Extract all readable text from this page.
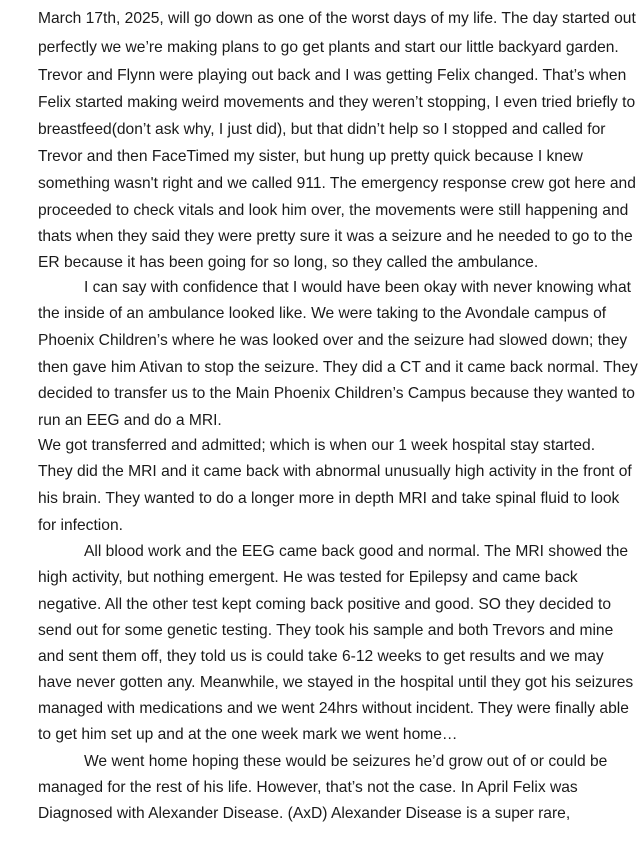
March 17th, 2025, will go down as one of the worst days of my life. The day started out
perfectly we we’re making plans to go get plants and start our little backyard garden.
Trevor and Flynn were playing out back and I was getting Felix changed. That’s when
Felix started making weird movements and they weren’t stopping, I even tried briefly to
breastfeed(don’t ask why, I just did), but that didn’t help so I stopped and called for
Trevor and then FaceTimed my sister, but hung up pretty quick because I knew
something wasn't right and we called 911. The emergency response crew got here and
proceeded to check vitals and look him over, the movements were still happening and
thats when they said they were pretty sure it was a seizure and he needed to go to the
ER because it has been going for so long, so they called the ambulance.
I can say with confidence that I would have been okay with never knowing what
the inside of an ambulance looked like. We were taking to the Avondale campus of
Phoenix Children’s where he was looked over and the seizure had slowed down; they
then gave him Ativan to stop the seizure. They did a CT and it came back normal. They
decided to transfer us to the Main Phoenix Children’s Campus because they wanted to
run an EEG and do a MRI.
We got transferred and admitted; which is when our 1 week hospital stay started.
They did the MRI and it came back with abnormal unusually high activity in the front of
his brain. They wanted to do a longer more in depth MRI and take spinal fluid to look
for infection.
All blood work and the EEG came back good and normal. The MRI showed the
high activity, but nothing emergent. He was tested for Epilepsy and came back
negative. All the other test kept coming back positive and good. SO they decided to
send out for some genetic testing. They took his sample and both Trevors and mine
and sent them off, they told us is could take 6-12 weeks to get results and we may
have never gotten any. Meanwhile, we stayed in the hospital until they got his seizures
managed with medications and we went 24hrs without incident. They were finally able
to get him set up and at the one week mark we went home…
We went home hoping these would be seizures he’d grow out of or could be
managed for the rest of his life. However, that’s not the case. In April Felix was
Diagnosed with Alexander Disease. (AxD) Alexander Disease is a super rare,
